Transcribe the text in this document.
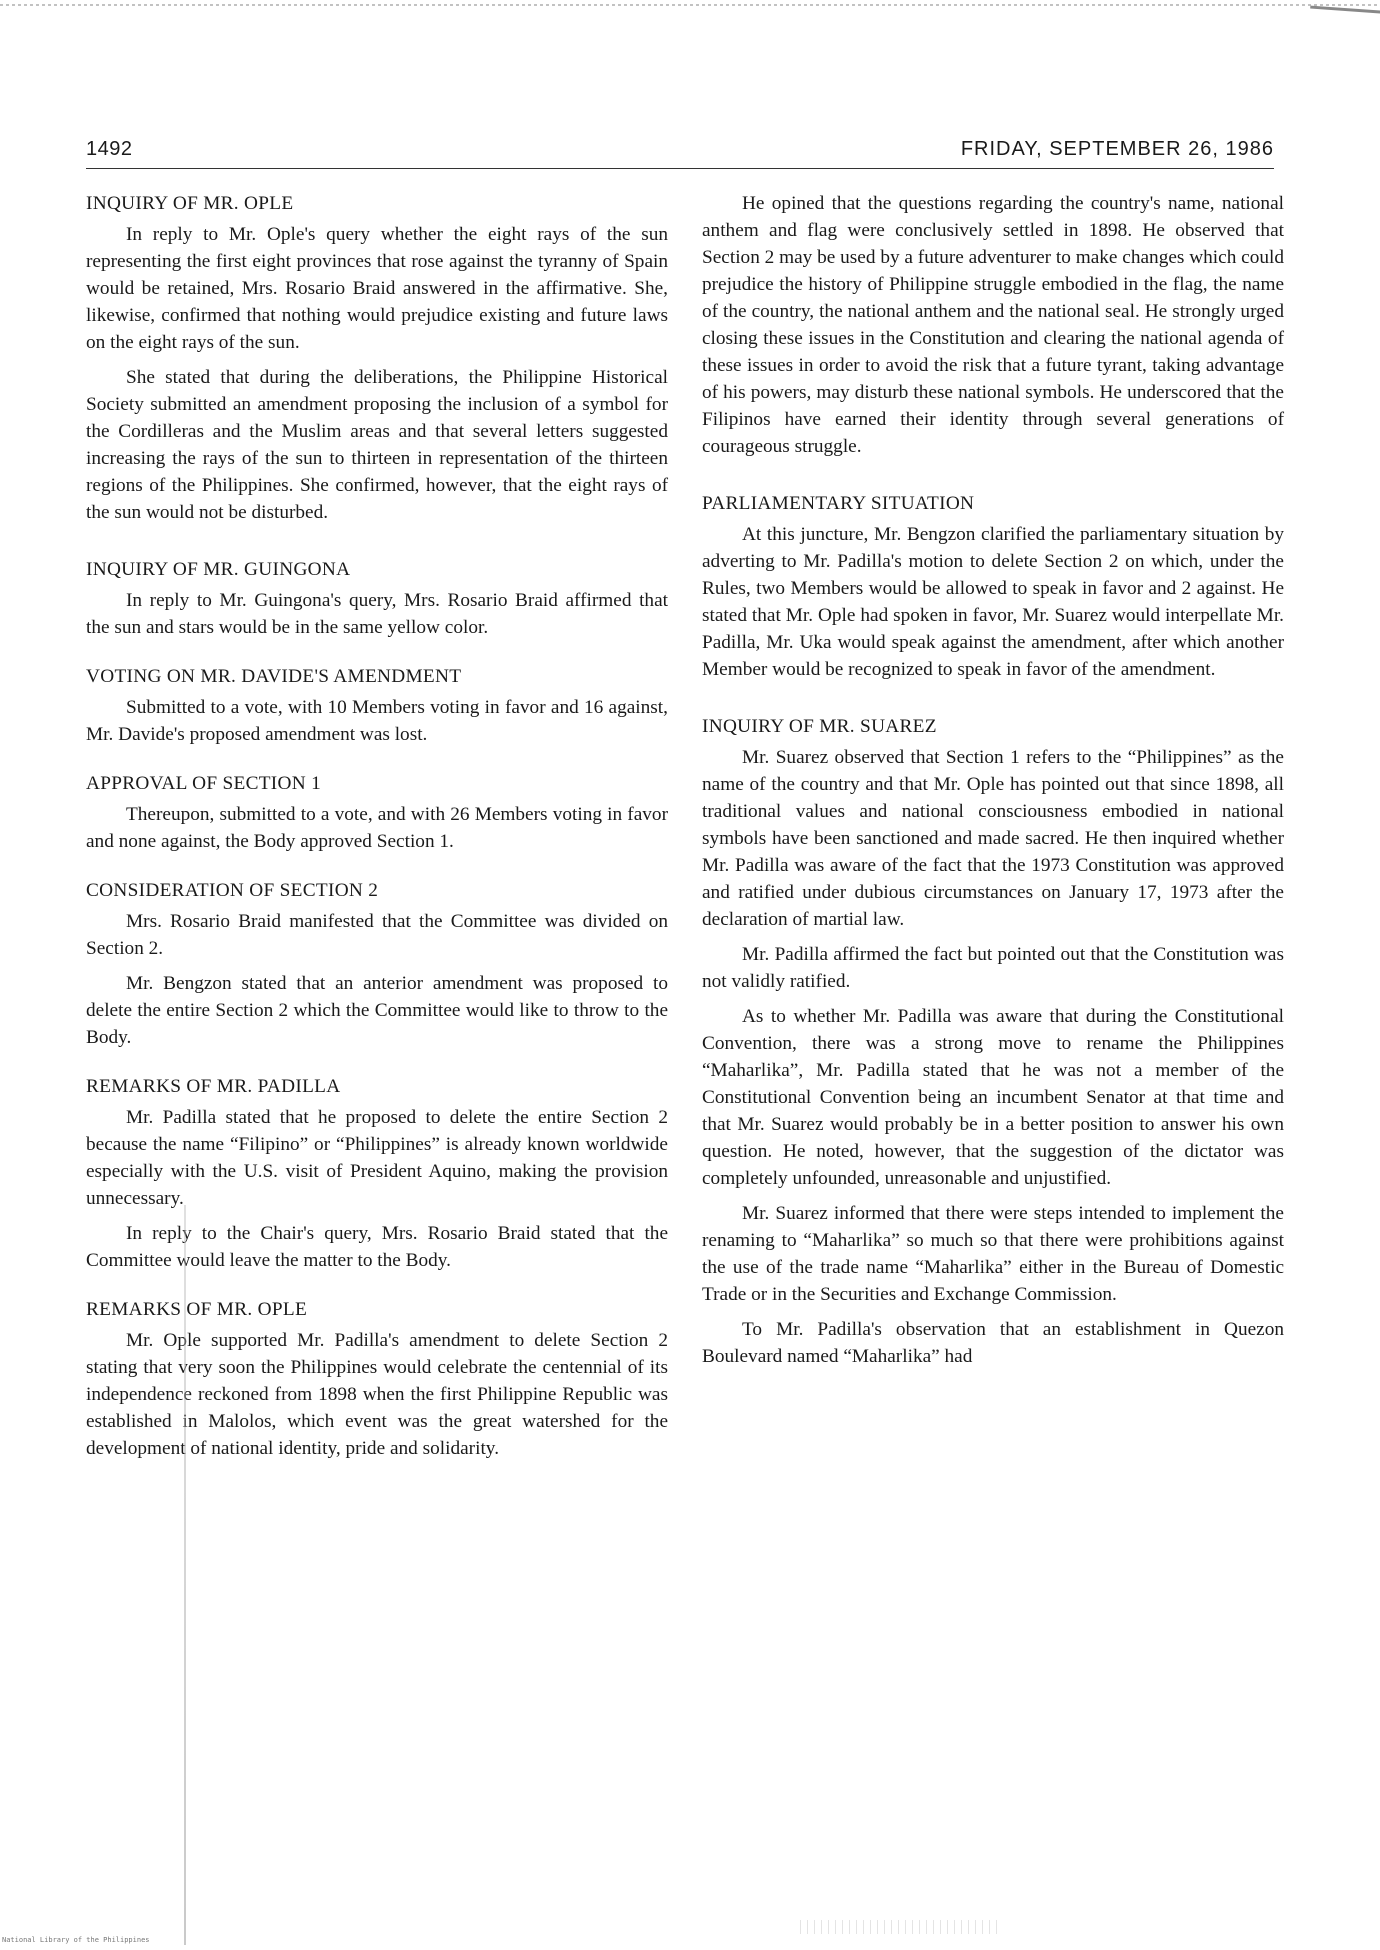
1492	FRIDAY, SEPTEMBER 26, 1986
INQUIRY OF MR. OPLE

In reply to Mr. Ople's query whether the eight rays of the sun representing the first eight provinces that rose against the tyranny of Spain would be retained, Mrs. Rosario Braid answered in the affirmative. She, likewise, confirmed that nothing would prejudice existing and future laws on the eight rays of the sun.

She stated that during the deliberations, the Philippine Historical Society submitted an amendment proposing the inclusion of a symbol for the Cordilleras and the Muslim areas and that several letters suggested increasing the rays of the sun to thirteen in representation of the thirteen regions of the Philippines. She confirmed, however, that the eight rays of the sun would not be disturbed.

INQUIRY OF MR. GUINGONA

In reply to Mr. Guingona's query, Mrs. Rosario Braid affirmed that the sun and stars would be in the same yellow color.

VOTING ON MR. DAVIDE'S AMENDMENT

Submitted to a vote, with 10 Members voting in favor and 16 against, Mr. Davide's proposed amendment was lost.

APPROVAL OF SECTION 1

Thereupon, submitted to a vote, and with 26 Members voting in favor and none against, the Body approved Section 1.

CONSIDERATION OF SECTION 2

Mrs. Rosario Braid manifested that the Committee was divided on Section 2.

Mr. Bengzon stated that an anterior amendment was proposed to delete the entire Section 2 which the Committee would like to throw to the Body.

REMARKS OF MR. PADILLA

Mr. Padilla stated that he proposed to delete the entire Section 2 because the name “Filipino” or “Philippines” is already known worldwide especially with the U.S. visit of President Aquino, making the provision unnecessary.

In reply to the Chair's query, Mrs. Rosario Braid stated that the Committee would leave the matter to the Body.

REMARKS OF MR. OPLE

Mr. Ople supported Mr. Padilla's amendment to delete Section 2 stating that very soon the Philippines would celebrate the centennial of its independence reckoned from 1898 when the first Philippine Republic was established in Malolos, which event was the great watershed for the development of national identity, pride and solidarity.

He opined that the questions regarding the country's name, national anthem and flag were conclusively settled in 1898. He observed that Section 2 may be used by a future adventurer to make changes which could prejudice the history of Philippine struggle embodied in the flag, the name of the country, the national anthem and the national seal. He strongly urged closing these issues in the Constitution and clearing the national agenda of these issues in order to avoid the risk that a future tyrant, taking advantage of his powers, may disturb these national symbols. He underscored that the Filipinos have earned their identity through several generations of courageous struggle.

PARLIAMENTARY SITUATION

At this juncture, Mr. Bengzon clarified the parliamentary situation by adverting to Mr. Padilla's motion to delete Section 2 on which, under the Rules, two Members would be allowed to speak in favor and 2 against. He stated that Mr. Ople had spoken in favor, Mr. Suarez would interpellate Mr. Padilla, Mr. Uka would speak against the amendment, after which another Member would be recognized to speak in favor of the amendment.

INQUIRY OF MR. SUAREZ

Mr. Suarez observed that Section 1 refers to the “Philippines” as the name of the country and that Mr. Ople has pointed out that since 1898, all traditional values and national consciousness embodied in national symbols have been sanctioned and made sacred. He then inquired whether Mr. Padilla was aware of the fact that the 1973 Constitution was approved and ratified under dubious circumstances on January 17, 1973 after the declaration of martial law.

Mr. Padilla affirmed the fact but pointed out that the Constitution was not validly ratified.

As to whether Mr. Padilla was aware that during the Constitutional Convention, there was a strong move to rename the Philippines “Maharlika”, Mr. Padilla stated that he was not a member of the Constitutional Convention being an incumbent Senator at that time and that Mr. Suarez would probably be in a better position to answer his own question. He noted, however, that the suggestion of the dictator was completely unfounded, unreasonable and unjustified.

Mr. Suarez informed that there were steps intended to implement the renaming to “Maharlika” so much so that there were prohibitions against the use of the trade name “Maharlika” either in the Bureau of Domestic Trade or in the Securities and Exchange Commission.

To Mr. Padilla's observation that an establishment in Quezon Boulevard named “Maharlika” had

National Library of the Philippines
